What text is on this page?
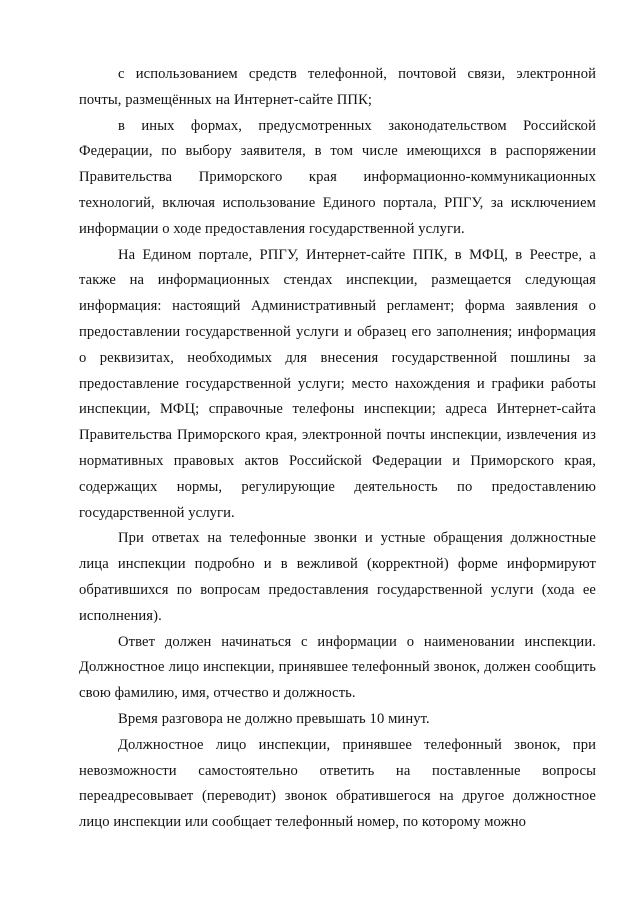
с использованием средств телефонной, почтовой связи, электронной почты, размещённых на Интернет-сайте ППК;

в иных формах, предусмотренных законодательством Российской Федерации, по выбору заявителя, в том числе имеющихся в распоряжении Правительства Приморского края информационно-коммуникационных технологий, включая использование Единого портала, РПГУ, за исключением информации о ходе предоставления государственной услуги.

На Едином портале, РПГУ, Интернет-сайте ППК, в МФЦ, в Реестре, а также на информационных стендах инспекции, размещается следующая информация: настоящий Административный регламент; форма заявления о предоставлении государственной услуги и образец его заполнения; информация о реквизитах, необходимых для внесения государственной пошлины за предоставление государственной услуги; место нахождения и графики работы инспекции, МФЦ; справочные телефоны инспекции; адреса Интернет-сайта Правительства Приморского края, электронной почты инспекции, извлечения из нормативных правовых актов Российской Федерации и Приморского края, содержащих нормы, регулирующие деятельность по предоставлению государственной услуги.

При ответах на телефонные звонки и устные обращения должностные лица инспекции подробно и в вежливой (корректной) форме информируют обратившихся по вопросам предоставления государственной услуги (хода ее исполнения).

Ответ должен начинаться с информации о наименовании инспекции. Должностное лицо инспекции, принявшее телефонный звонок, должен сообщить свою фамилию, имя, отчество и должность.

Время разговора не должно превышать 10 минут.

Должностное лицо инспекции, принявшее телефонный звонок, при невозможности самостоятельно ответить на поставленные вопросы переадресовывает (переводит) звонок обратившегося на другое должностное лицо инспекции или сообщает телефонный номер, по которому можно
